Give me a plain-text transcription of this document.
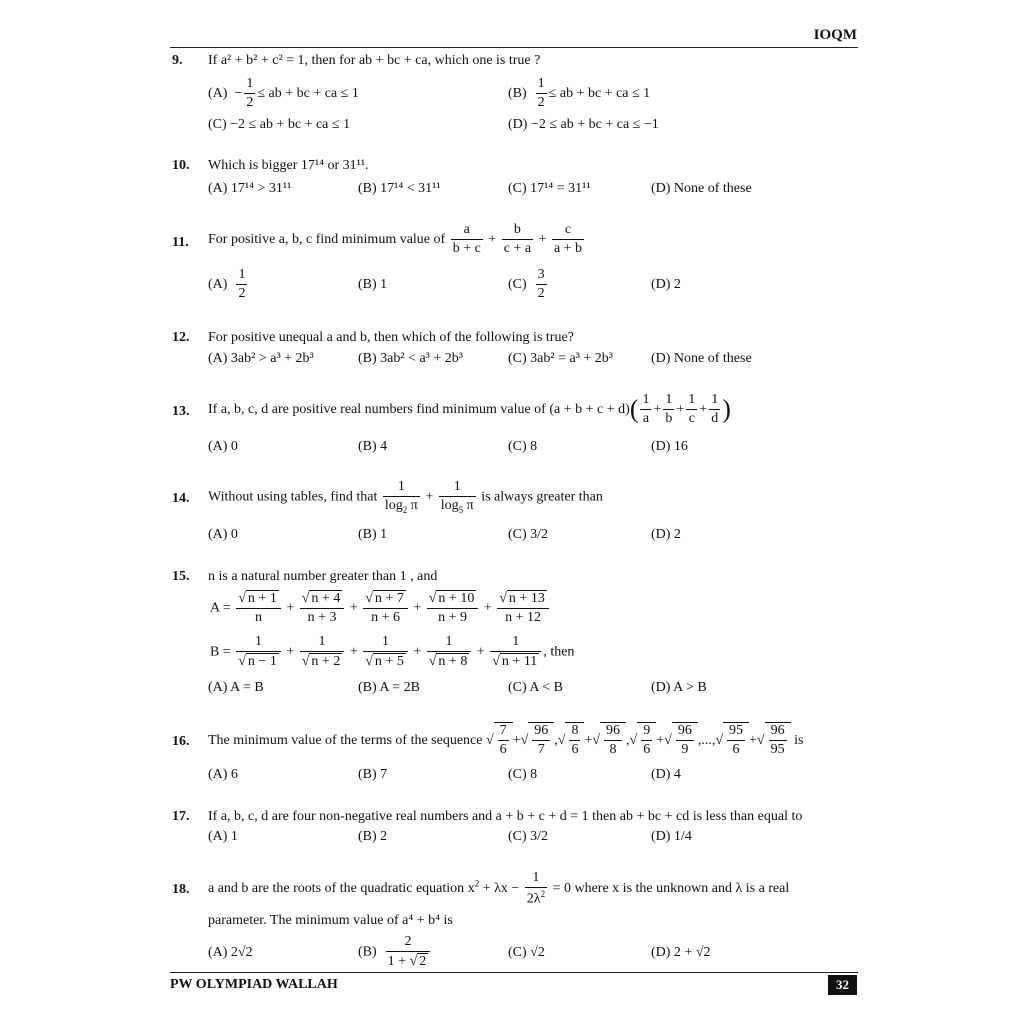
IOQM
PW OLYMPIAD WALLAH	32
9. If a² + b² + c² = 1, then for ab + bc + ca, which one is true ?
$(A) - \frac{1}{2}$ ≤ ab + bc + ca ≤ 1	$(B) \frac{1}{2}$ ≤ ab + bc + ca ≤ 1
(C) −2 ≤ ab + bc + ca ≤ 1	(D) −2 ≤ ab + bc + ca ≤ −1
10. Which is bigger 17¹⁴ or 31¹¹.
(A) 17¹⁴ > 31¹¹	(B) 17¹⁴ < 31¹¹	(C) 17¹⁴ = 31¹¹	(D) None of these
11. For positive a, b, c find minimum value of $\frac{a}{b + c} + \frac{b}{c + a} + \frac{c}{a + b}$
$(A) \frac{1}{2}$	(B) 1	$(C) \frac{3}{2}$	(D) 2
12. For positive unequal a and b, then which of the following is true?
(A) 3ab² > a³ + 2b³	(B) 3ab² < a³ + 2b³	(C) 3ab² = a³ + 2b³	(D) None of these
13. If a, b, c, d are positive real numbers find minimum value of $(a + b + c + d)( \frac{1}{a} + \frac{1}{b} + \frac{1}{c} + \frac{1}{d}$ )
(A) 0	(B) 4	(C) 8	(D) 16
14. Without using tables, find that $\frac{1}{\log_2 \pi} + \frac{1}{\log_5 \pi}$ is always greater than
(A) 0	(B) 1	(C) 3/2	(D) 2
15. n is a natural number greater than 1 , and
$A = \frac{√ n + 1}{n} + \frac{√ n + 4}{n + 3} + \frac{√ n + 7}{n + 6} + \frac{√ n + 10}{n + 9} + \frac{√ n + 13}{n + 12}$
$B = \frac{1}{√ n - 1} + \frac{1}{√ n + 2} + \frac{1}{√ n + 5} + \frac{1}{√ n + 8} + \frac{1}{√ n + 11}$ , then
(A) A = B	(B) A = 2B	(C) A < B	(D) A > B
16. The minimum value of the terms of the sequence √ $\frac{7}{6}$ +√ $\frac{96}{7}$ ,√ $\frac{8}{6}$ +√ $\frac{96}{8}$ ,√ $\frac{9}{6}$ +√ $\frac{96}{9}$ ,...,√ $\frac{95}{6}$ +√ $\frac{96}{95}$ is
(A) 6	(B) 7	(C) 8	(D) 4
17. If a, b, c, d are four non-negative real numbers and a + b + c + d = 1 then ab + bc + cd is less than equal to
(A) 1	(B) 2	(C) 3/2	(D) 1/4
18. a and b are the roots of the quadratic equation $x^2 + \lambda x - \frac{1}{2\lambda^2} = 0$ where x is the unknown and λ is a real
parameter. The minimum value of a⁴ + b⁴ is
(A) 2√2	$(B) \frac{2}{1 + √ 2}$	(C) √2	(D) 2 + √2
